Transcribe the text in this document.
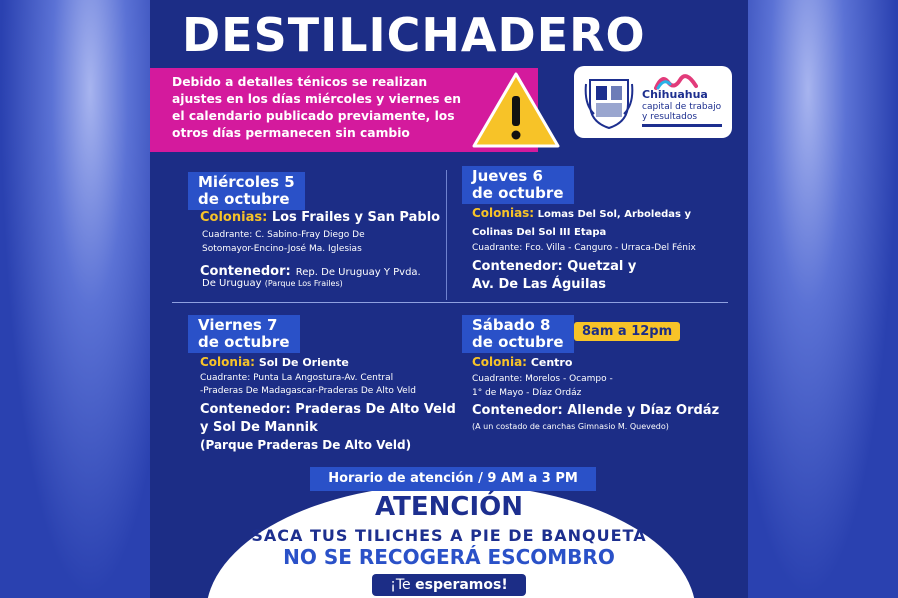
DESTILICHADERO

Debido a detalles ténicos se realizan ajustes en los días miércoles y viernes en el calendario publicado previamente, los otros días permanecen sin cambio

Chihuahua
capital de trabajo
y resultados
Miércoles 5
de octubre
Colonias: Los Frailes y San Pablo
Cuadrante: C. Sabino-Fray Diego De
Sotomayor-Encino-José Ma. Iglesias
Contenedor: Rep. De Uruguay Y Pvda.
De Uruguay (Parque Los Frailes)
Jueves 6
de octubre
Colonias: Lomas Del Sol, Arboledas y
Colinas Del Sol III Etapa
Cuadrante: Fco. Villa - Canguro - Urraca-Del Fénix
Contenedor: Quetzal y
Av. De Las Águilas
Viernes 7
de octubre
Colonia: Sol De Oriente
Cuadrante: Punta La Angostura-Av. Central
-Praderas De Madagascar-Praderas De Alto Veld
Contenedor: Praderas De Alto Veld
y Sol De Mannik
(Parque Praderas De Alto Veld)
Sábado 8
de octubre
8am a 12pm
Colonia: Centro
Cuadrante: Morelos - Ocampo -
1° de Mayo - Díaz Ordáz
Contenedor: Allende y Díaz Ordáz
(A un costado de canchas Gimnasio M. Quevedo)
Horario de atención / 9 AM a 3 PM
ATENCIÓN
SACA TUS TILICHES A PIE DE BANQUETA
NO SE RECOGERÁ ESCOMBRO
¡Te esperamos!
